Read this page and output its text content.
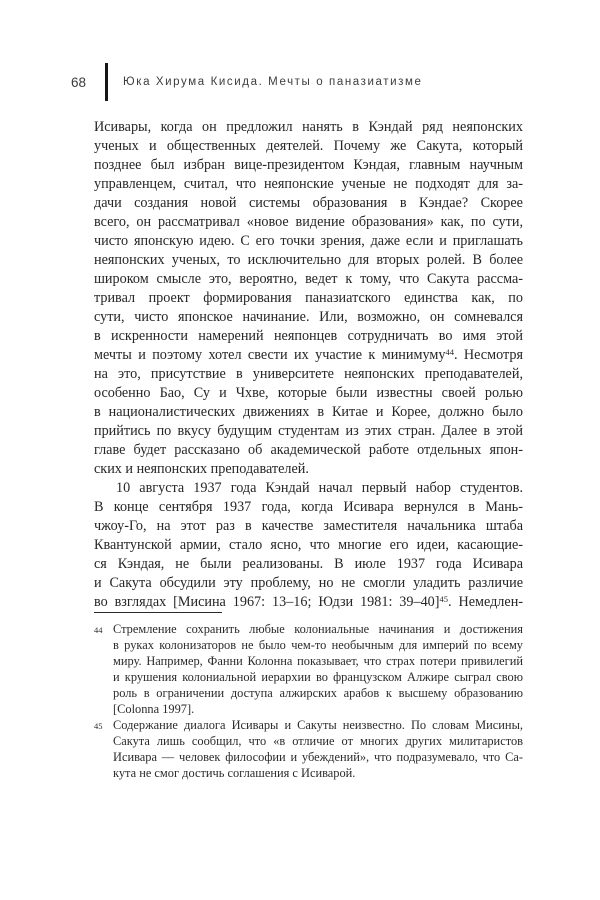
68	Юка Хирума Кисида. Мечты о паназиатизме
Исивары, когда он предложил нанять в Кэндай ряд неяпонских
ученых и общественных деятелей. Почему же Сакута, который
позднее был избран вице-президентом Кэндая, главным научным
управленцем, считал, что неяпонские ученые не подходят для за-
дачи создания новой системы образования в Кэндае? Скорее
всего, он рассматривал «новое видение образования» как, по сути,
чисто японскую идею. С его точки зрения, даже если и приглашать
неяпонских ученых, то исключительно для вторых ролей. В более
широком смысле это, вероятно, ведет к тому, что Сакута рассма-
тривал проект формирования паназиатского единства как, по
сути, чисто японское начинание. Или, возможно, он сомневался
в искренности намерений неяпонцев сотрудничать во имя этой
мечты и поэтому хотел свести их участие к минимуму$^{44}$. Несмотря
на это, присутствие в университете неяпонских преподавателей,
особенно Бао, Су и Чхве, которые были известны своей ролью
в националистических движениях в Китае и Корее, должно было
прийтись по вкусу будущим студентам из этих стран. Далее в этой
главе будет рассказано об академической работе отдельных япон-
ских и неяпонских преподавателей.
10 августа 1937 года Кэндай начал первый набор студентов.
В конце сентября 1937 года, когда Исивара вернулся в Мань-
чжоу-Го, на этот раз в качестве заместителя начальника штаба
Квантунской армии, стало ясно, что многие его идеи, касающие-
ся Кэндая, не были реализованы. В июле 1937 года Исивара
и Сакута обсудили эту проблему, но не смогли уладить различие
во взглядах [Мисина 1967: 13–16; Юдзи 1981: 39–40]$^{45}$. Немедлен-
44 Стремление сохранить любые колониальные начинания и достижения
в руках колонизаторов не было чем-то необычным для империй по всему
миру. Например, Фанни Колонна показывает, что страх потери привилегий
и крушения колониальной иерархии во французском Алжире сыграл свою
роль в ограничении доступа алжирских арабов к высшему образованию
[Colonna 1997].
45 Содержание диалога Исивары и Сакуты неизвестно. По словам Мисины,
Сакута лишь сообщил, что «в отличие от многих других милитаристов
Исивара — человек философии и убеждений», что подразумевало, что Са-
кута не смог достичь соглашения с Исиварой.
